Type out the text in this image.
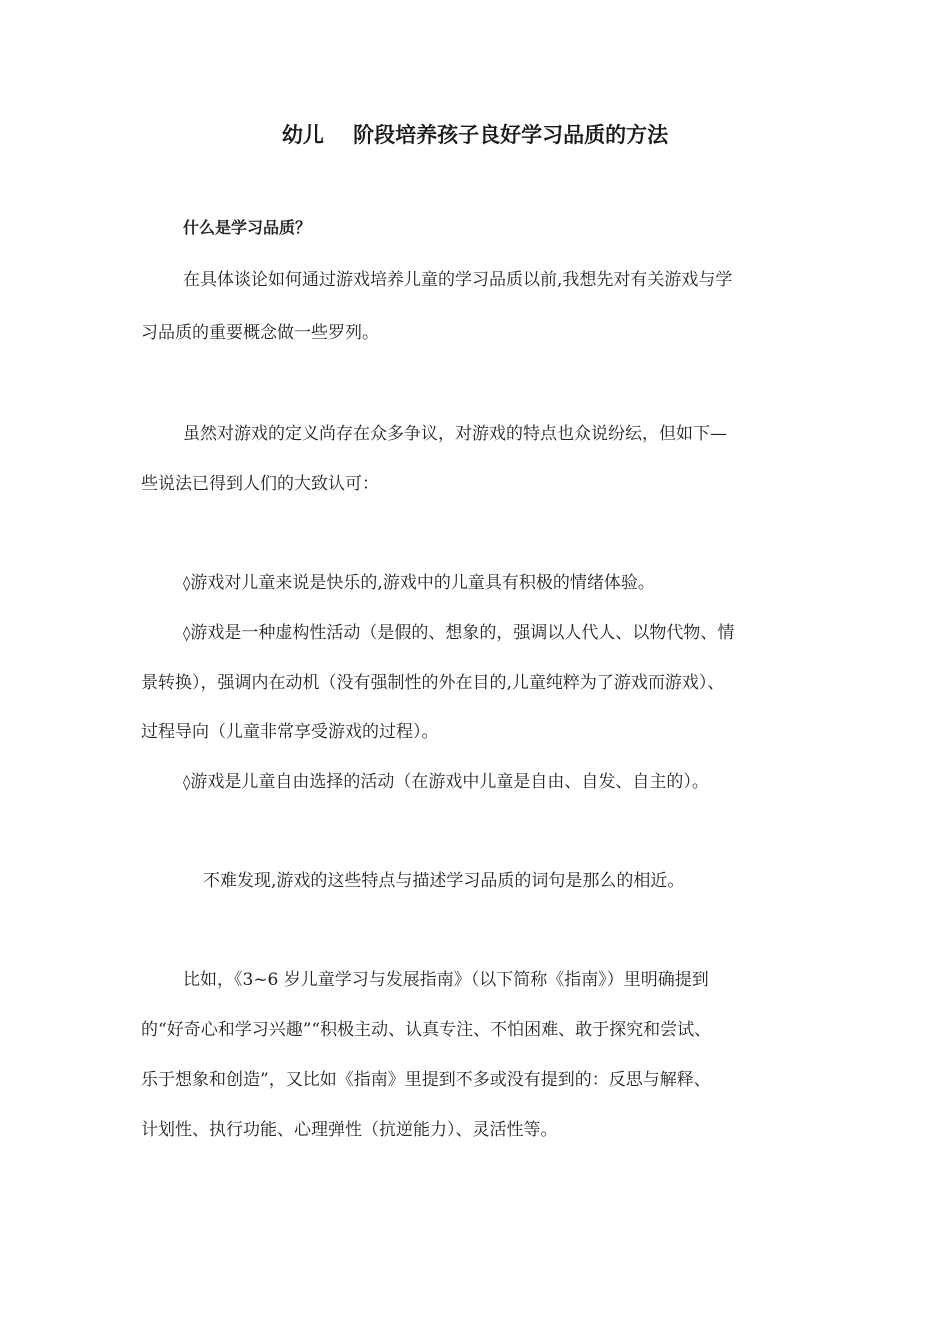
幼儿    阶段培养孩子良好学习品质的方法

什么是学习品质？

在具体谈论如何通过游戏培养儿童的学习品质以前,我想先对有关游戏与学

习品质的重要概念做一些罗列。

虽然对游戏的定义尚存在众多争议，对游戏的特点也众说纷纭，但如下—

些说法已得到人们的大致认可：

◊游戏对儿童来说是快乐的,游戏中的儿童具有积极的情绪体验。

◊游戏是一种虚构性活动（是假的、想象的，强调以人代人、以物代物、情

景转换），强调内在动机（没有强制性的外在目的,儿童纯粹为了游戏而游戏）、

过程导向（儿童非常享受游戏的过程）。

◊游戏是儿童自由选择的活动（在游戏中儿童是自由、自发、自主的）。

不难发现,游戏的这些特点与描述学习品质的词句是那么的相近。

比如，《3~6 岁儿童学习与发展指南》（以下简称《指南》）里明确提到

的“好奇心和学习兴趣”“积极主动、认真专注、不怕困难、敢于探究和尝试、

乐于想象和创造”，又比如《指南》里提到不多或没有提到的：反思与解释、

计划性、执行功能、心理弹性（抗逆能力）、灵活性等。
